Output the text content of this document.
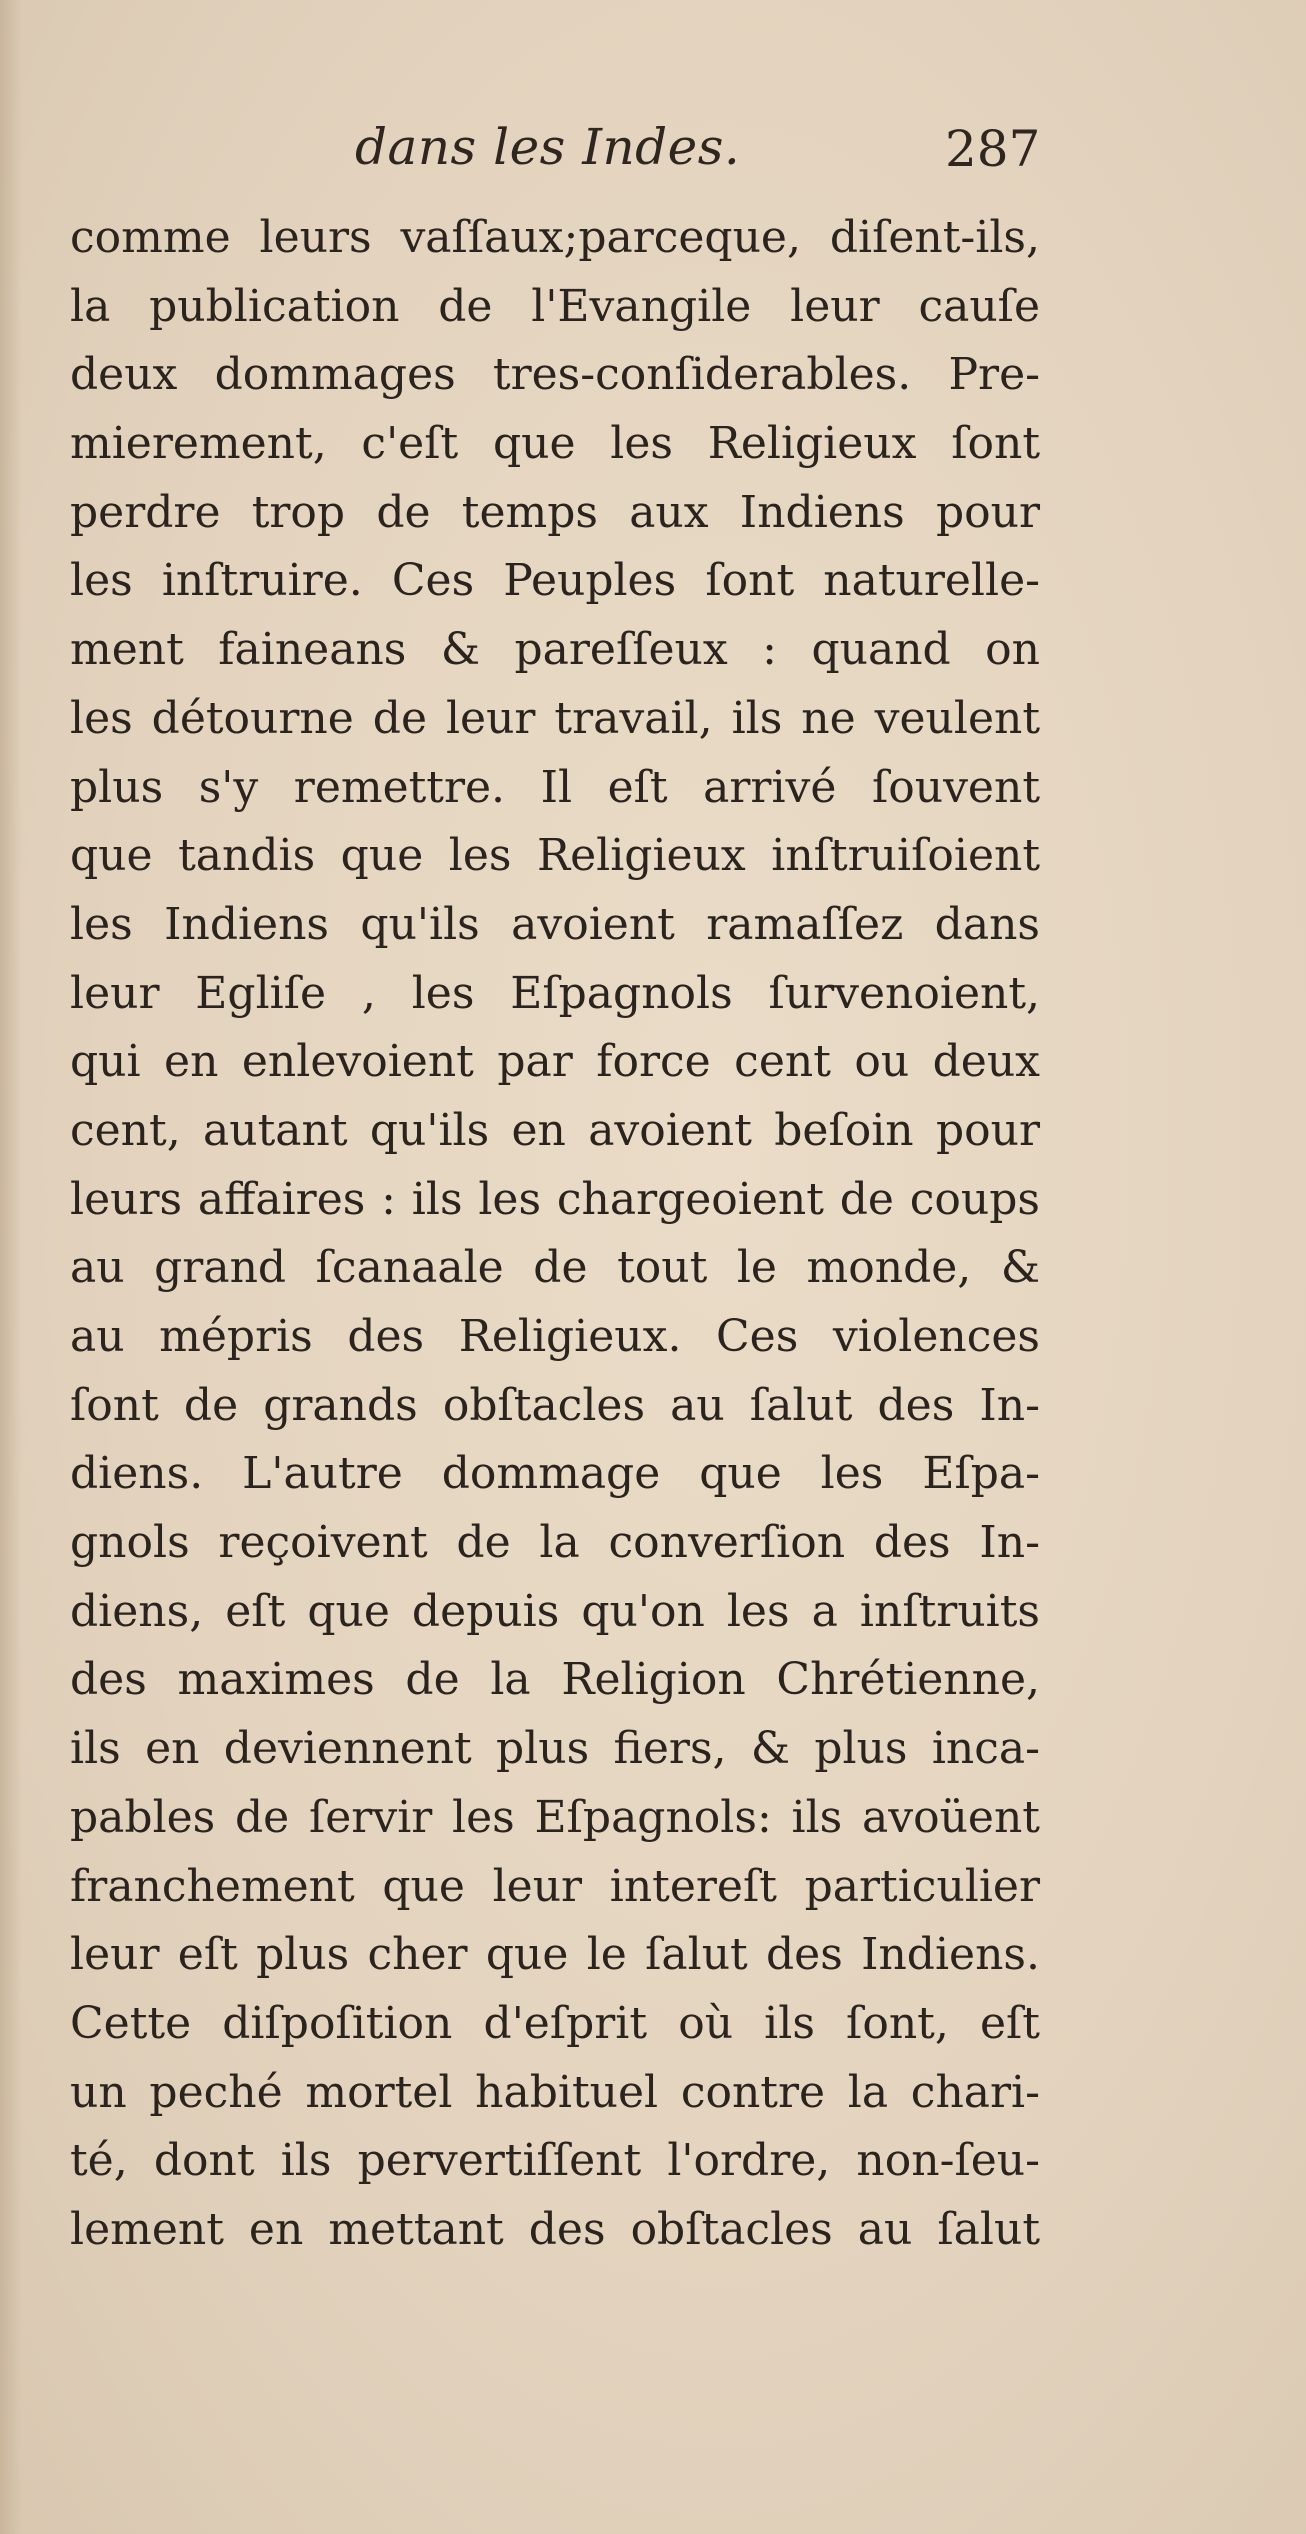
dans les Indes.	287
comme leurs vaſſaux;parceque, diſent-ils,
la publication de l'Evangile leur cauſe
deux dommages tres-conſiderables. Pre-
mierement, c'eſt que les Religieux ſont
perdre trop de temps aux Indiens pour
les inſtruire. Ces Peuples ſont naturelle-
ment faineans & pareſſeux : quand on
les détourne de leur travail, ils ne veulent
plus s'y remettre. Il eſt arrivé ſouvent
que tandis que les Religieux inſtruiſoient
les Indiens qu'ils avoient ramaſſez dans
leur Egliſe , les Eſpagnols ſurvenoient,
qui en enlevoient par force cent ou deux
cent, autant qu'ils en avoient beſoin pour
leurs affaires : ils les chargeoient de coups
au grand ſcanaale de tout le monde, &
au mépris des Religieux. Ces violences
ſont de grands obſtacles au ſalut des In-
diens. L'autre dommage que les Eſpa-
gnols reçoivent de la converſion des In-
diens, eſt que depuis qu'on les a inſtruits
des maximes de la Religion Chrétienne,
ils en deviennent plus fiers, & plus inca-
pables de ſervir les Eſpagnols: ils avoüent
franchement que leur intereſt particulier
leur eſt plus cher que le ſalut des Indiens.
Cette diſpoſition d'eſprit où ils ſont, eſt
un peché mortel habituel contre la chari-
té, dont ils pervertiſſent l'ordre, non-ſeu-
lement en mettant des obſtacles au ſalut
